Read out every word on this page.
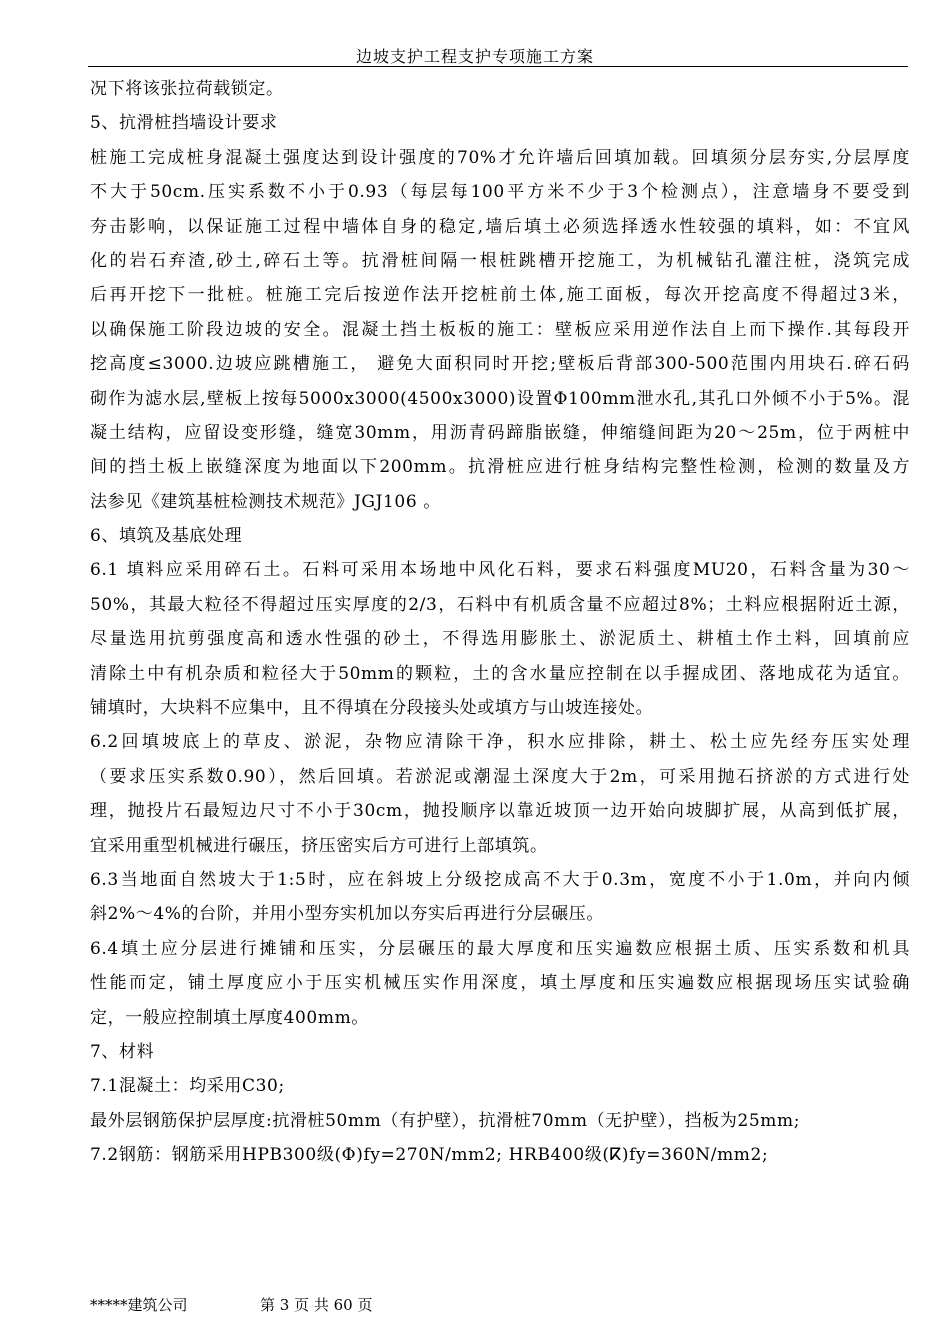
边坡支护工程支护专项施工方案
况下将该张拉荷载锁定。
5、抗滑桩挡墙设计要求
桩施工完成桩身混凝土强度达到设计强度的70%才允许墙后回填加载。回填须分层夯实,分层厚度
不大于50cm.压实系数不小于0.93（每层每100平方米不少于3个检测点），注意墙身不要受到
夯击影响，以保证施工过程中墙体自身的稳定,墙后填土必须选择透水性较强的填料，如：不宜风
化的岩石弃渣,砂土,碎石土等。抗滑桩间隔一根桩跳槽开挖施工，为机械钻孔灌注桩，浇筑完成
后再开挖下一批桩。桩施工完后按逆作法开挖桩前土体,施工面板，每次开挖高度不得超过3米，
以确保施工阶段边坡的安全。混凝土挡土板板的施工：壁板应采用逆作法自上而下操作.其每段开
挖高度≤3000.边坡应跳槽施工， 避免大面积同时开挖;壁板后背部300-500范围内用块石.碎石码
砌作为滤水层,壁板上按每5000x3000(4500x3000)设置Φ100mm泄水孔,其孔口外倾不小于5%。混
凝土结构，应留设变形缝，缝宽30mm，用沥青码蹄脂嵌缝，伸缩缝间距为20～25m，位于两桩中
间的挡土板上嵌缝深度为地面以下200mm。抗滑桩应进行桩身结构完整性检测，检测的数量及方
法参见《建筑基桩检测技术规范》JGJ106 。
6、填筑及基底处理
6.1 填料应采用碎石土。石料可采用本场地中风化石料，要求石料强度MU20，石料含量为30～
50%，其最大粒径不得超过压实厚度的2/3，石料中有机质含量不应超过8%；土料应根据附近土源，
尽量选用抗剪强度高和透水性强的砂土，不得选用膨胀土、淤泥质土、耕植土作土料，回填前应
清除土中有机杂质和粒径大于50mm的颗粒，土的含水量应控制在以手握成团、落地成花为适宜。
铺填时，大块料不应集中，且不得填在分段接头处或填方与山坡连接处。
6.2回填坡底上的草皮、淤泥，杂物应清除干净，积水应排除，耕土、松土应先经夯压实处理
（要求压实系数0.90），然后回填。若淤泥或潮湿土深度大于2m，可采用抛石挤淤的方式进行处
理，抛投片石最短边尺寸不小于30cm，抛投顺序以靠近坡顶一边开始向坡脚扩展，从高到低扩展，
宜采用重型机械进行碾压，挤压密实后方可进行上部填筑。
6.3当地面自然坡大于1:5时，应在斜坡上分级挖成高不大于0.3m，宽度不小于1.0m，并向内倾
斜2%～4%的台阶，并用小型夯实机加以夯实后再进行分层碾压。
6.4填土应分层进行摊铺和压实，分层碾压的最大厚度和压实遍数应根据土质、压实系数和机具
性能而定，铺土厚度应小于压实机械压实作用深度，填土厚度和压实遍数应根据现场压实试验确
定，一般应控制填土厚度400mm。
7、材料
7.1混凝土：均采用C30;
最外层钢筋保护层厚度:抗滑桩50mm（有护壁），抗滑桩70mm（无护壁），挡板为25mm;
7.2钢筋：钢筋采用HPB300级(Φ)fy=270N/mm2; HRB400级(ⴽ)fy=360N/mm2;
*****建筑公司	第 3 页 共 60 页
